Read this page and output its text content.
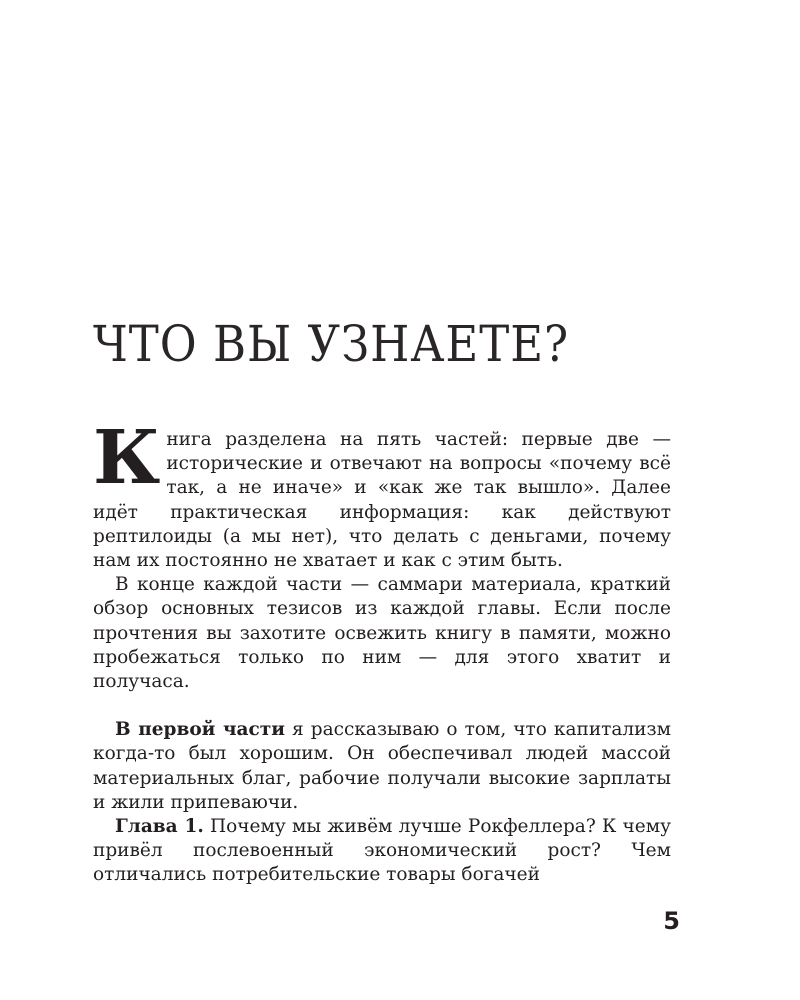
ЧТО ВЫ УЗНАЕТЕ?

Книга разделена на пять частей: первые две — исторические и отвечают на вопросы «почему всё так, а не иначе» и «как же так вышло». Далее идёт практическая информация: как действуют рептилоиды (а мы нет), что делать с деньгами, почему нам их постоянно не хватает и как с этим быть.

В конце каждой части — саммари материала, краткий обзор основных тезисов из каждой главы. Если после прочтения вы захотите освежить книгу в памяти, можно пробежаться только по ним — для этого хватит и получаса.

В первой части я рассказываю о том, что капитализм когда-то был хорошим. Он обеспечивал людей массой материальных благ, рабочие получали высокие зарплаты и жили припеваючи.

Глава 1. Почему мы живём лучше Рокфеллера? К чему привёл послевоенный экономический рост? Чем отличались потребительские товары богачей

5
